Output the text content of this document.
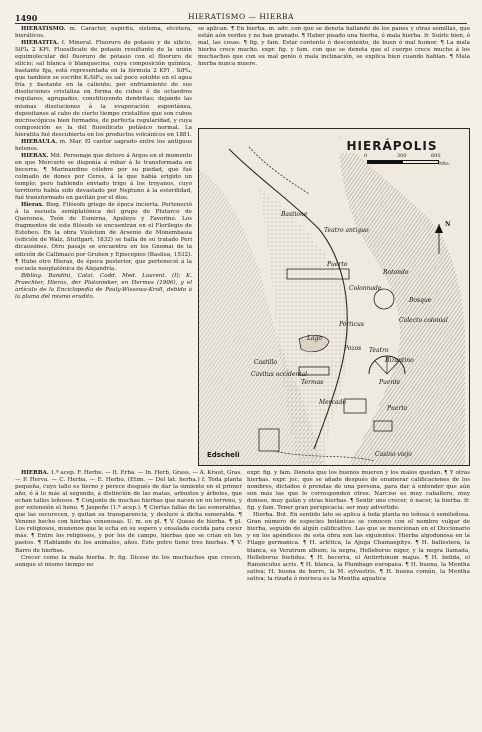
1490	HIERATISMO — HIERBA

HIERATISMO. m. Carácter, espíritu, sistema, etcétera, hieráticos.

HIERATITA. f. Mineral. Fluoruro de potasio y de silicio, SiFl₄ 2 KFl. Fluosilicato de potasio resultante de la unión equimolecular del fluoruro de potasio con el fluoruro de silicio; sal blanca ó blanquecina, cuya composición química, bastante fija, está representada en la fórmula 2 KFl . SiFl₄, que también se escribe K₂SiF₆; es sal poco soluble en el agua fría y bastante en la caliente; por enfriamiento de sus disoluciones cristaliza en forma de cubos ó de octaedros regulares, agrupados, constituyendo dendritas; dejando las mismas disoluciones á la evaporación espontánea, depositanse al cabo de cierto tiempo cristalitos que son cubos microscópicos bien formados, de perfecta regularidad, y cuya composición es la del fluosilicato potásico normal. La hieratita fué descubierta en los productos volcánicos en 1881.

HIERAULA. m. Mar. El cantor sagrado entre los antiguos helenos.

HIERAX. Mit. Personaje que detuvo á Argos en el momento en que Mercurio se disponía á robar á Io transformada en becerra. ¶ Marinandino célebre por su piedad, que fué colmado de dones por Ceres, á la que había erigido un templo; pero habiendo enviado trigo á los troyanos, cuyo territorio había sido devastado por Neptuno á la esterilidad, fué transformado en gavilán por el dios.

Hierax. Biog. Filósofo griego de época incierta. Perteneció á la escuela semiplatónica del grupo de Plutarco de Queronea, Teón de Esmirna, Apuleyo y Favorino. Los fragmentos de este filósofo se encuentran en el Florilegio de Estobeo. En la obra Violetum de Arsenio de Monembasia (edición de Walz, Stuttgart, 1832) se halla de su tratado Peri dicaiosines. Otro pasaje se encuentra en los Gnomai de la edición de Callimaco por Gruben y Episcopios (Basilea, 1532). ¶ Hubo otro Hierax, de época posterior, que perteneció á la escuela neoplatónica de Alejandría.

Bibliog. Bandini, Catal. Codd. Med. Laurent. (I); K. Praechter, Hierax, der Platonniker, en Hermes (1906), y el artículo de la Enciclopedia de Pauly-Wissowa-Kroll, debido á la pluma del mismo erudito.

se aplican. ¶ En hierba. m. adv. con que se denota hallando de los panes y otras semillas, que están aún verdes y no han granado. ¶ Haber pisado una hierba, ó mala hierba. fr. Suírle bien, ó mal, las cosas. ¶ fig. y fam. Estar contento ó descontento, de buen ó mal humor. ¶ La mala hierba crece mucho. expr. fig. y fam. con que se denota que el cuerpo crece mucho á los muchachos que con su mal genio ó mala inclinación, se explica bien cuando hablan. ¶ Mala hierba nunca muere.

HIERÁPOLIS
0	300	600
Mts.
N
Bastione
Teatro antiguo
Puerto
Rotondo
Colonnade
Bosque
Colecto colonial
Pórticus
Lago
Pozos
Castillo
Cavitus occidental
Termas
Mercado
Puente
Teatro
Bizantino
Puerta
Casino viejo
Edscheli

HIERBA. 1.ª acep. F. Herbe. — It. Erba. — In. Herb, Grass. — A. Kraut, Gras. — P. Herva. — C. Herba. — E. Herbo. (Etim. — Del lat. herba.) f. Toda planta pequeña, cuyo tallo es tierno y perece después de dar la simiente en el primer año, ó á lo más al segundo, á distinción de las matas, arbustos y árboles, que echan tallos leñosos. ¶ Conjunto de muchas hierbas que nacen en un terreno, y por extensión el heno. ¶ Jaspeño (1.ª acep.). ¶ Ciertas fallas de las esmeraldas, que las oscurecen, y quitan su transparencia, y desluce á dicha esmeralda. ¶ Veneno hecho con hierbas venenosas. U. m. en pl. ¶ V. Queso de hierba. ¶ pl. Los religiosos, munenos que le echa en su sopero y ensalada cocida para cocer más. ¶ Entre los religiosos, y por los de campo, hierbas que se crían en los pastos. ¶ Hablando de los animales, años. Este potro tiene tres hierbas. ¶ V. Barro de hierbas.

Crecer como la mala hierba. fr. fig. Dícese de los muchachos que crecen, aunque el mismo tiempo no

expr. fig. y fam. Denota que los buenos mueren y los malos quedan. ¶ Y otras hierbas. expr. joc. que se añade después de enumerar calificaciones de los nombres, dictados ó prendas de una persona, para dar á entender que aún son más las que le corresponden otros. Narciso es muy caballero, muy donoso, muy galán y otras hierbas. ¶ Sentir uno crecer, ó nacer, la hierba. fr. fig. y fam. Tener gran perspicacia; ser muy advertido.

Hierba. Bot. En sentido lato se aplica á toda planta no leñosa ó semileñosa. Gran número de especies botánicas se conocen con el nombre vulgar de hierba, seguido de algún calificativo. Las que se mencionan en el Diccionario y en los apéndices de esta obra son las siguientes: Hierba algodonosa en la Filago germanica. ¶ H. arlética, la Ajuga Chamaepitys. ¶ H. ballestera, la blanca, es Veratrum album; la negra, Helleborus niger, y la negra llamada, Helleborus foetidus. ¶ H. becerra, el Antirrhinum majus. ¶ H. belida, el Ranunculus acris. ¶ H. blanca, la Plumbago europaea. ¶ H. buena, la Mentha sativa; H. buena de burro, la M. sylvestris. ¶ H. buena común, la Mentha sativa; la rizada ó morisca es la Mentha aquatica
